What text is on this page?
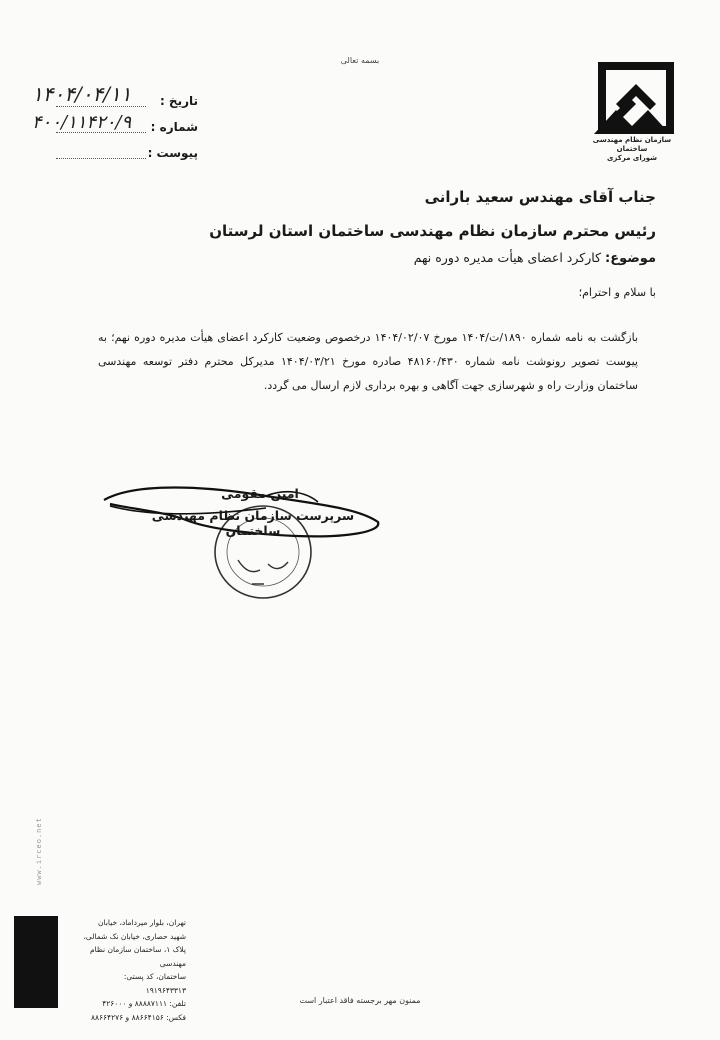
بسمه تعالی
سازمان نظام مهندسی ساختمان
شورای مرکزی
تاریخ :
۱۴۰۴/۰۴/۱۱
شماره :
۴۰۰/۱۱۴۲۰/۹
پیوست :
جناب آقای مهندس سعید بارانی
رئیس محترم سازمان نظام مهندسی ساختمان استان لرستان
موضوع: کارکرد اعضای هیأت مدیره دوره نهم
با سلام و احترام؛
بازگشت به نامه شماره ۱۸۹۰/ت/۱۴۰۴ مورخ ۱۴۰۴/۰۲/۰۷ درخصوص وضعیت کارکرد اعضای هیأت مدیره دوره نهم؛ به پیوست تصویر رونوشت نامه شماره ۴۸۱۶۰/۴۳۰ صادره مورخ ۱۴۰۴/۰۳/۲۱ مدیرکل محترم دفتر توسعه مهندسی ساختمان وزارت راه و شهرسازی جهت آگاهی و بهره برداری لازم ارسال می گردد.
امین مقومی
سرپرست سازمان نظام مهندسی ساختمان
www.irceo.net
تهران، بلوار میرداماد، خیابان
شهید حصاری، خیابان نک شمالی،
پلاک ۱، ساختمان سازمان نظام مهندسی
ساختمان، کد پستی:
۱۹۱۹۶۴۳۳۱۳
تلفن: ۸۸۸۸۷۱۱۱ و ۴۲۶۰۰۰
فکس: ۸۸۶۶۴۱۵۶ و ۸۸۶۶۴۲۷۶
ممنون مهر برجسته فاقد اعتبار است
